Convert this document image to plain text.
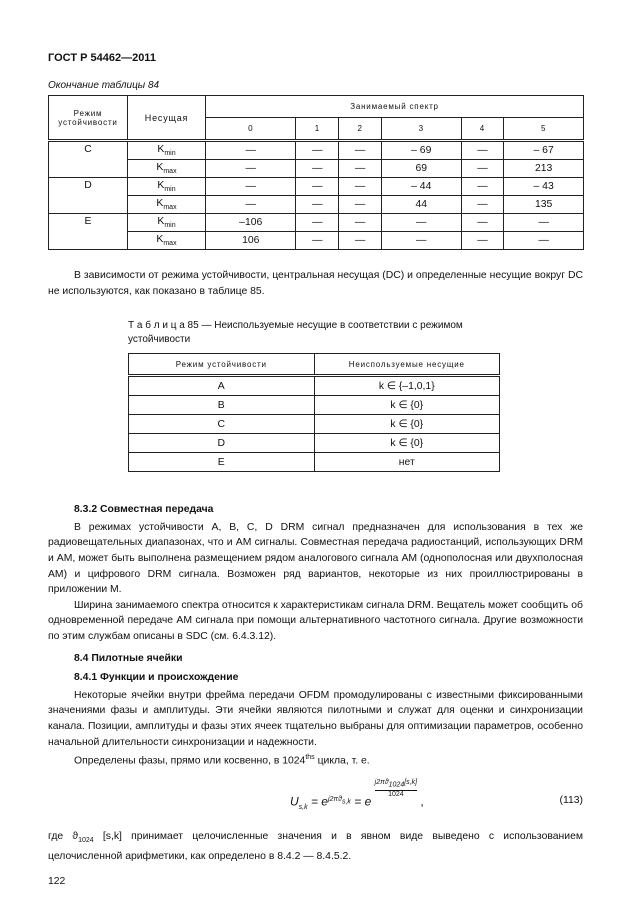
ГОСТ Р 54462—2011
Окончание таблицы 84
Режим устойчивости	Несущая	Занимаемый спектр					
		0	1	2	3	4	5
C	$K_{min}$	—	—	—	– 69	—	– 67
	$K_{max}$	—	—	—	69	—	213
D	$K_{min}$	—	—	—	– 44	—	– 43
	$K_{max}$	—	—	—	44	—	135
E	$K_{min}$	–106	—	—	—	—	—
	$K_{max}$	106	—	—	—	—	—

В зависимости от режима устойчивости, центральная несущая (DC) и определенные несущие вокруг DC не используются, как показано в таблице 85.

Т а б л и ц а 85 — Неиспользуемые несущие в соответствии с режимом устойчивости
Режим устойчивости	Неиспользуемые несущие
A	k ∈ {–1,0,1}
B	k ∈ {0}
C	k ∈ {0}
D	k ∈ {0}
E	нет
8.3.2 Совместная передача

В режимах устойчивости A, B, C, D DRM сигнал предназначен для использования в тех же радиовещательных диапазонах, что и АМ сигналы. Совместная передача радиостанций, использующих DRM и АМ, может быть выполнена размещением рядом аналогового сигнала АМ (однополосная или двухполосная АМ) и цифрового DRM сигнала. Возможен ряд вариантов, некоторые из них проиллюстрированы в приложении М.

Ширина занимаемого спектра относится к характеристикам сигнала DRM. Вещатель может сообщить об одновременной передаче АМ сигнала при помощи альтернативного частотного сигнала. Другие возможности по этим службам описаны в SDC (см. 6.4.3.12).

8.4 Пилотные ячейки
8.4.1 Функции и происхождение

Некоторые ячейки внутри фрейма передачи OFDM промодулированы с известными фиксированными значениями фазы и амплитуды. Эти ячейки являются пилотными и служат для оценки и синхронизации канала. Позиции, амплитуды и фазы этих ячеек тщательно выбраны для оптимизации параметров, особенно начальной длительности синхронизации и надежности.

Определены фазы, прямо или косвенно, в $1024^{ths}$ цикла, т. е.

$U_{s,k} = e^{j2\pi ϑ_{s,k}} = e$
$\frac{j2\pi ϑ_{1024}[s,k]}{1024}$
,	(113)

где $ϑ_{1024}$ [s,k] принимает целочисленные значения и в явном виде выведено с использованием целочисленной арифметики, как определено в 8.4.2 — 8.4.5.2.

122
